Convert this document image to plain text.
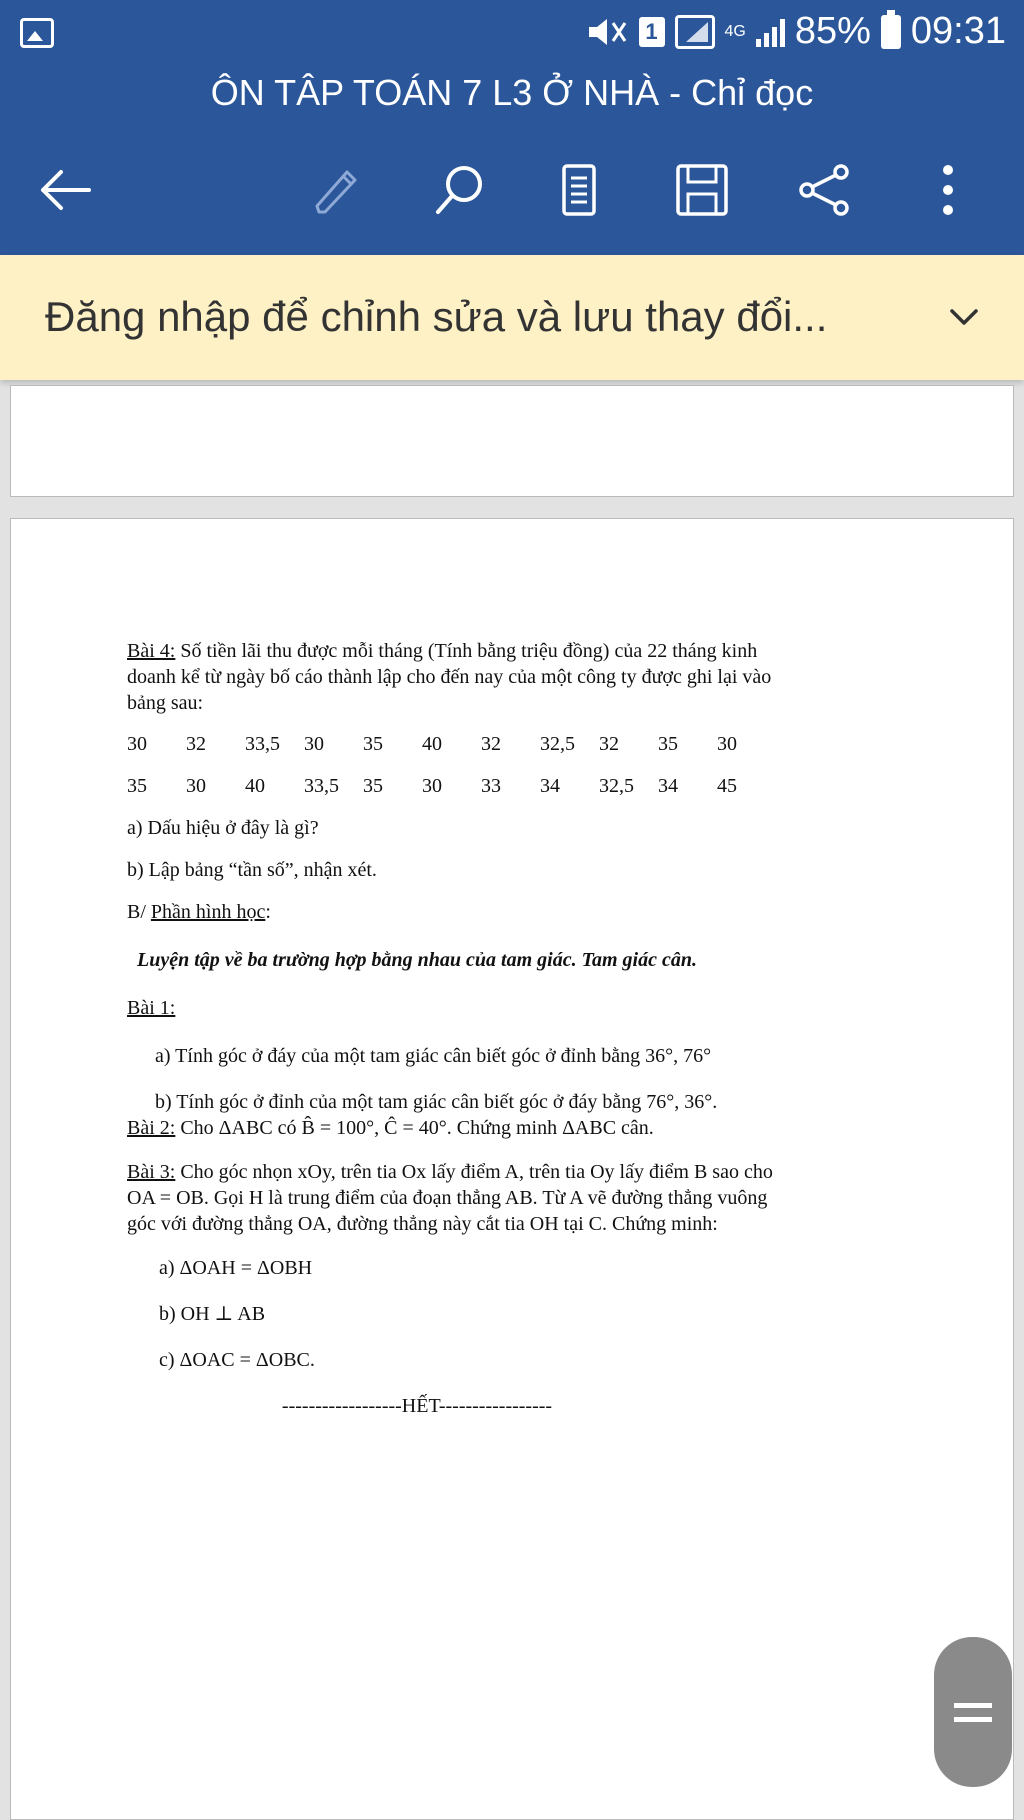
1	4G 85% 09:31
ÔN TÂP TOÁN 7 L3 Ở NHÀ - Chỉ đọc
Đăng nhập để chỉnh sửa và lưu thay đổi...

Bài 4: Số tiền lãi thu được mỗi tháng (Tính bằng triệu đồng) của 22 tháng kinh
doanh kể từ ngày bố cáo thành lập cho đến nay của một công ty được ghi lại vào
bảng sau:

30	32	33,5	30	35	40	32	32,5	32	35	30
35	30	40	33,5	35	30	33	34	32,5	34	45

a) Dấu hiệu ở đây là gì?

b) Lập bảng “tần số”, nhận xét.

B/ Phần hình học:

Luyện tập về ba trường hợp bằng nhau của tam giác. Tam giác cân.

Bài 1:

a) Tính góc ở đáy của một tam giác cân biết góc ở đỉnh bằng 36°, 76°

b) Tính góc ở đỉnh của một tam giác cân biết góc ở đáy bằng 76°, 36°.

Bài 2: Cho ΔABC có B̂ = 100°, Ĉ = 40°. Chứng minh ΔABC cân.

Bài 3: Cho góc nhọn xOy, trên tia Ox lấy điểm A, trên tia Oy lấy điểm B sao cho
OA = OB. Gọi H là trung điểm của đoạn thẳng AB. Từ A vẽ đường thẳng vuông
góc với đường thẳng OA, đường thẳng này cắt tia OH tại C. Chứng minh:

a) ΔOAH = ΔOBH

b) OH ⊥ AB

c) ΔOAC = ΔOBC.

------------------HẾT-----------------
